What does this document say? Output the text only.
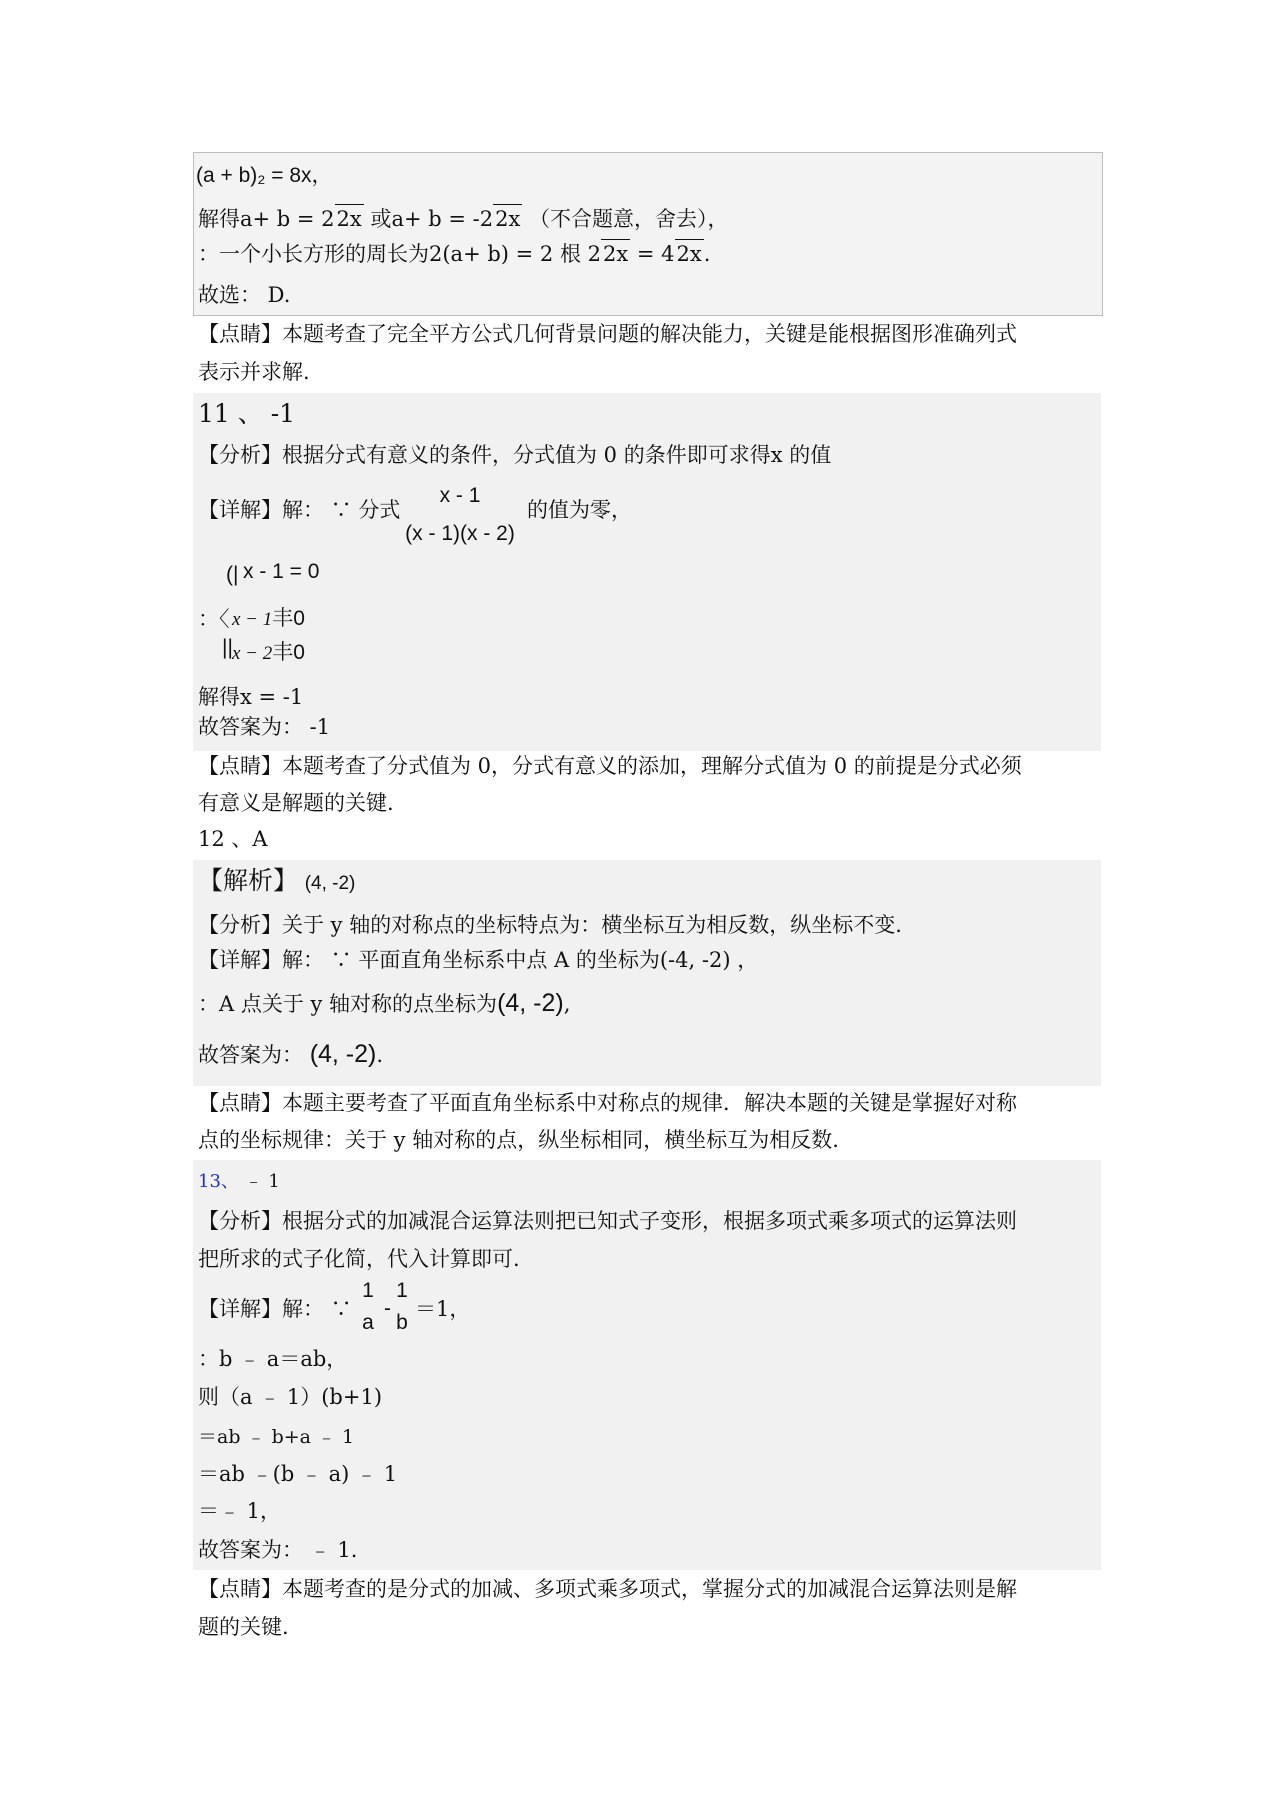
(a + b)₂ = 8x，
解得a+ b = 22x 或a+ b = -22x （不合题意，舍去），
：一个小长方形的周长为2(a+ b) = 2 根 22x = 42x.
故选： D.
【点睛】本题考查了完全平方公式几何背景问题的解决能力，关键是能根据图形准确列式
表示并求解.
11 、 -1
【分析】根据分式有意义的条件，分式值为 0 的条件即可求得x 的值
【详解】解： ∵ 分式
x - 1
(x - 1)(x - 2)
的值为零，
(| x - 1 = 0
：〈 x − 1丰0
|| x − 2丰0
解得x = -1
故答案为： -1
【点睛】本题考查了分式值为 0，分式有意义的添加，理解分式值为 0 的前提是分式必须
有意义是解题的关键.
12 、A
【解析】 (4, -2)
【分析】关于 y 轴的对称点的坐标特点为：横坐标互为相反数，纵坐标不变.
【详解】解： ∵ 平面直角坐标系中点 A 的坐标为(-4, -2) ，
：A 点关于 y 轴对称的点坐标为(4, -2),
故答案为： (4, -2).
【点睛】本题主要考查了平面直角坐标系中对称点的规律．解决本题的关键是掌握好对称
点的坐标规律：关于 y 轴对称的点，纵坐标相同，横坐标互为相反数.
13、 ﹣ 1
【分析】根据分式的加减混合运算法则把已知式子变形，根据多项式乘多项式的运算法则
把所求的式子化简，代入计算即可.
【详解】解： ∵
1
a
-
1
b
＝1，
：b ﹣ a＝ab，
则（a ﹣ 1）(b+1)
＝ab ﹣ b+a ﹣ 1
＝ab ﹣(b ﹣ a) ﹣ 1
＝﹣ 1，
故答案为： ﹣ 1.
【点睛】本题考查的是分式的加减、多项式乘多项式，掌握分式的加减混合运算法则是解
题的关键.
